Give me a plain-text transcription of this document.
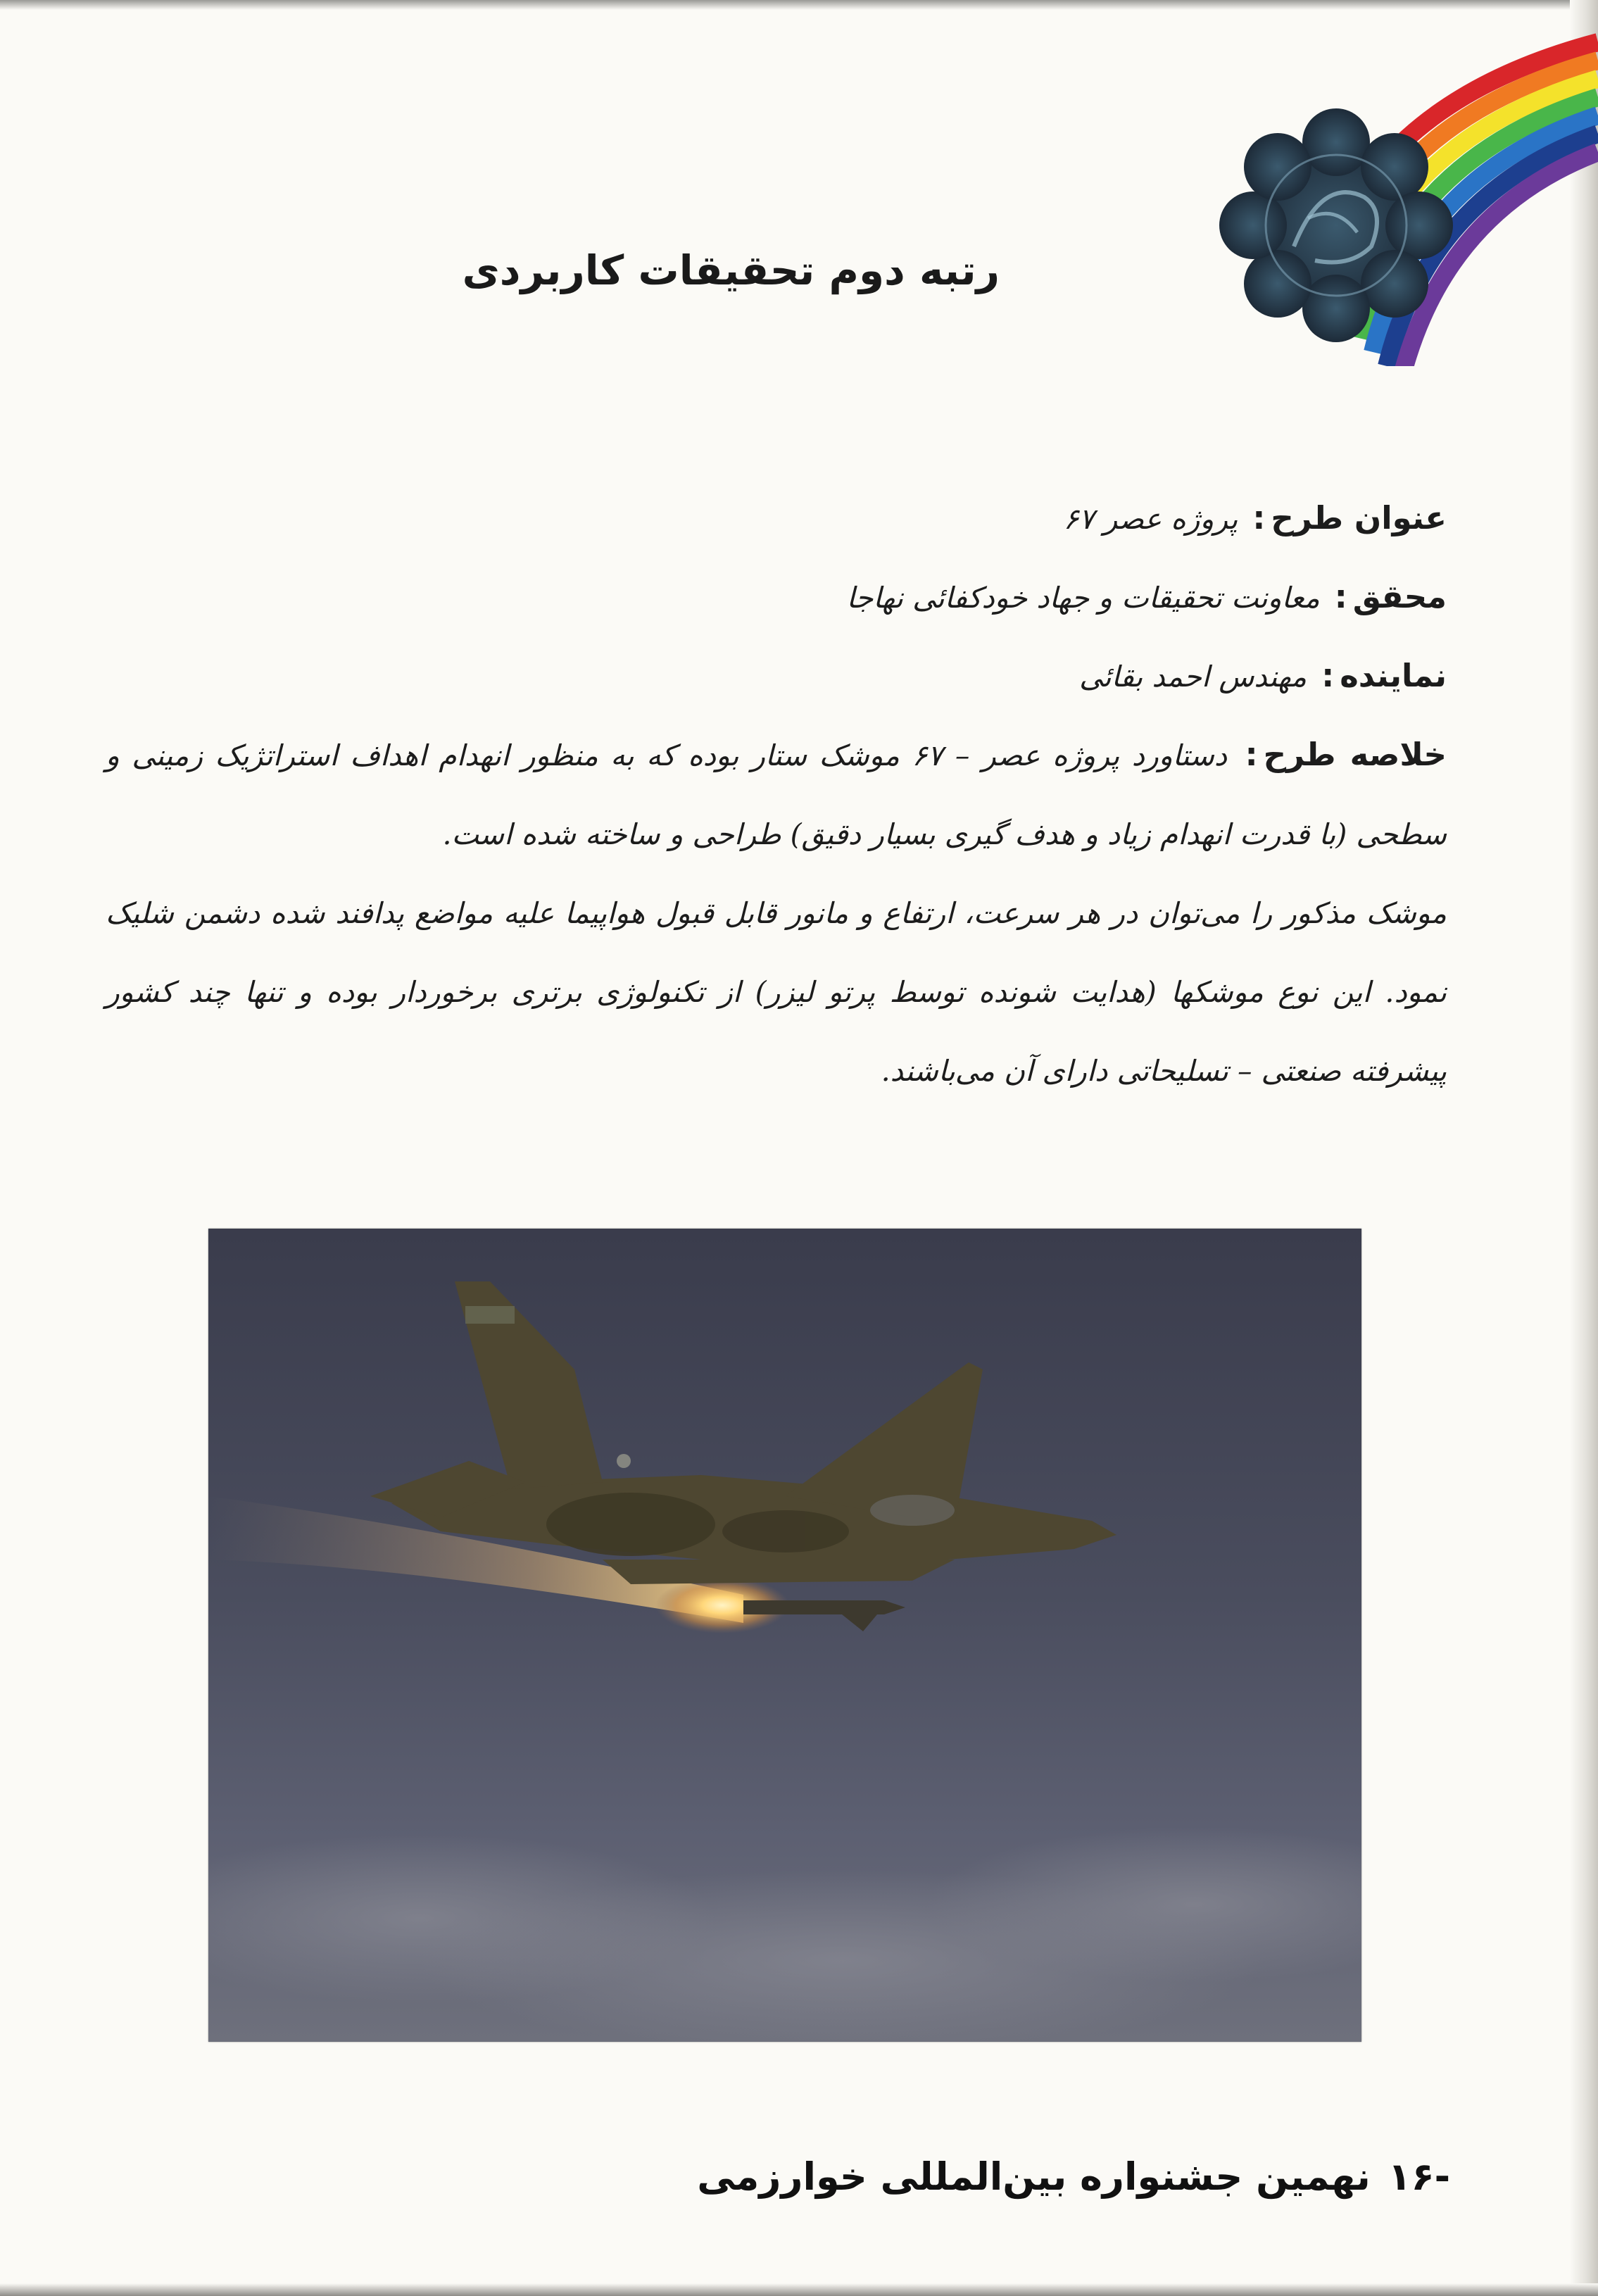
رتبه دوم تحقیقات کاربردی
عنوان طرح: پروژه عصر ۶۷
محقق: معاونت تحقیقات و جهاد خودکفائی نهاجا
نماینده: مهندس احمد بقائی

خلاصه طرح: دستاورد پروژه عصر – ۶۷ موشک ستار بوده که به منظور انهدام اهداف استراتژیک زمینی و سطحی (با قدرت انهدام زیاد و هدف گیری بسیار دقیق) طراحی و ساخته شده است.

موشک مذکور را می‌توان در هر سرعت، ارتفاع و مانور قابل قبول هواپیما علیه مواضع پدافند شده دشمن شلیک نمود. این نوع موشکها (هدایت شونده توسط پرتو لیزر) از تکنولوژی برتری برخوردار بوده و تنها چند کشور پیشرفته صنعتی – تسلیحاتی دارای آن می‌باشند.

-۱۶ نهمین جشنواره بین‌المللی خوارزمی
